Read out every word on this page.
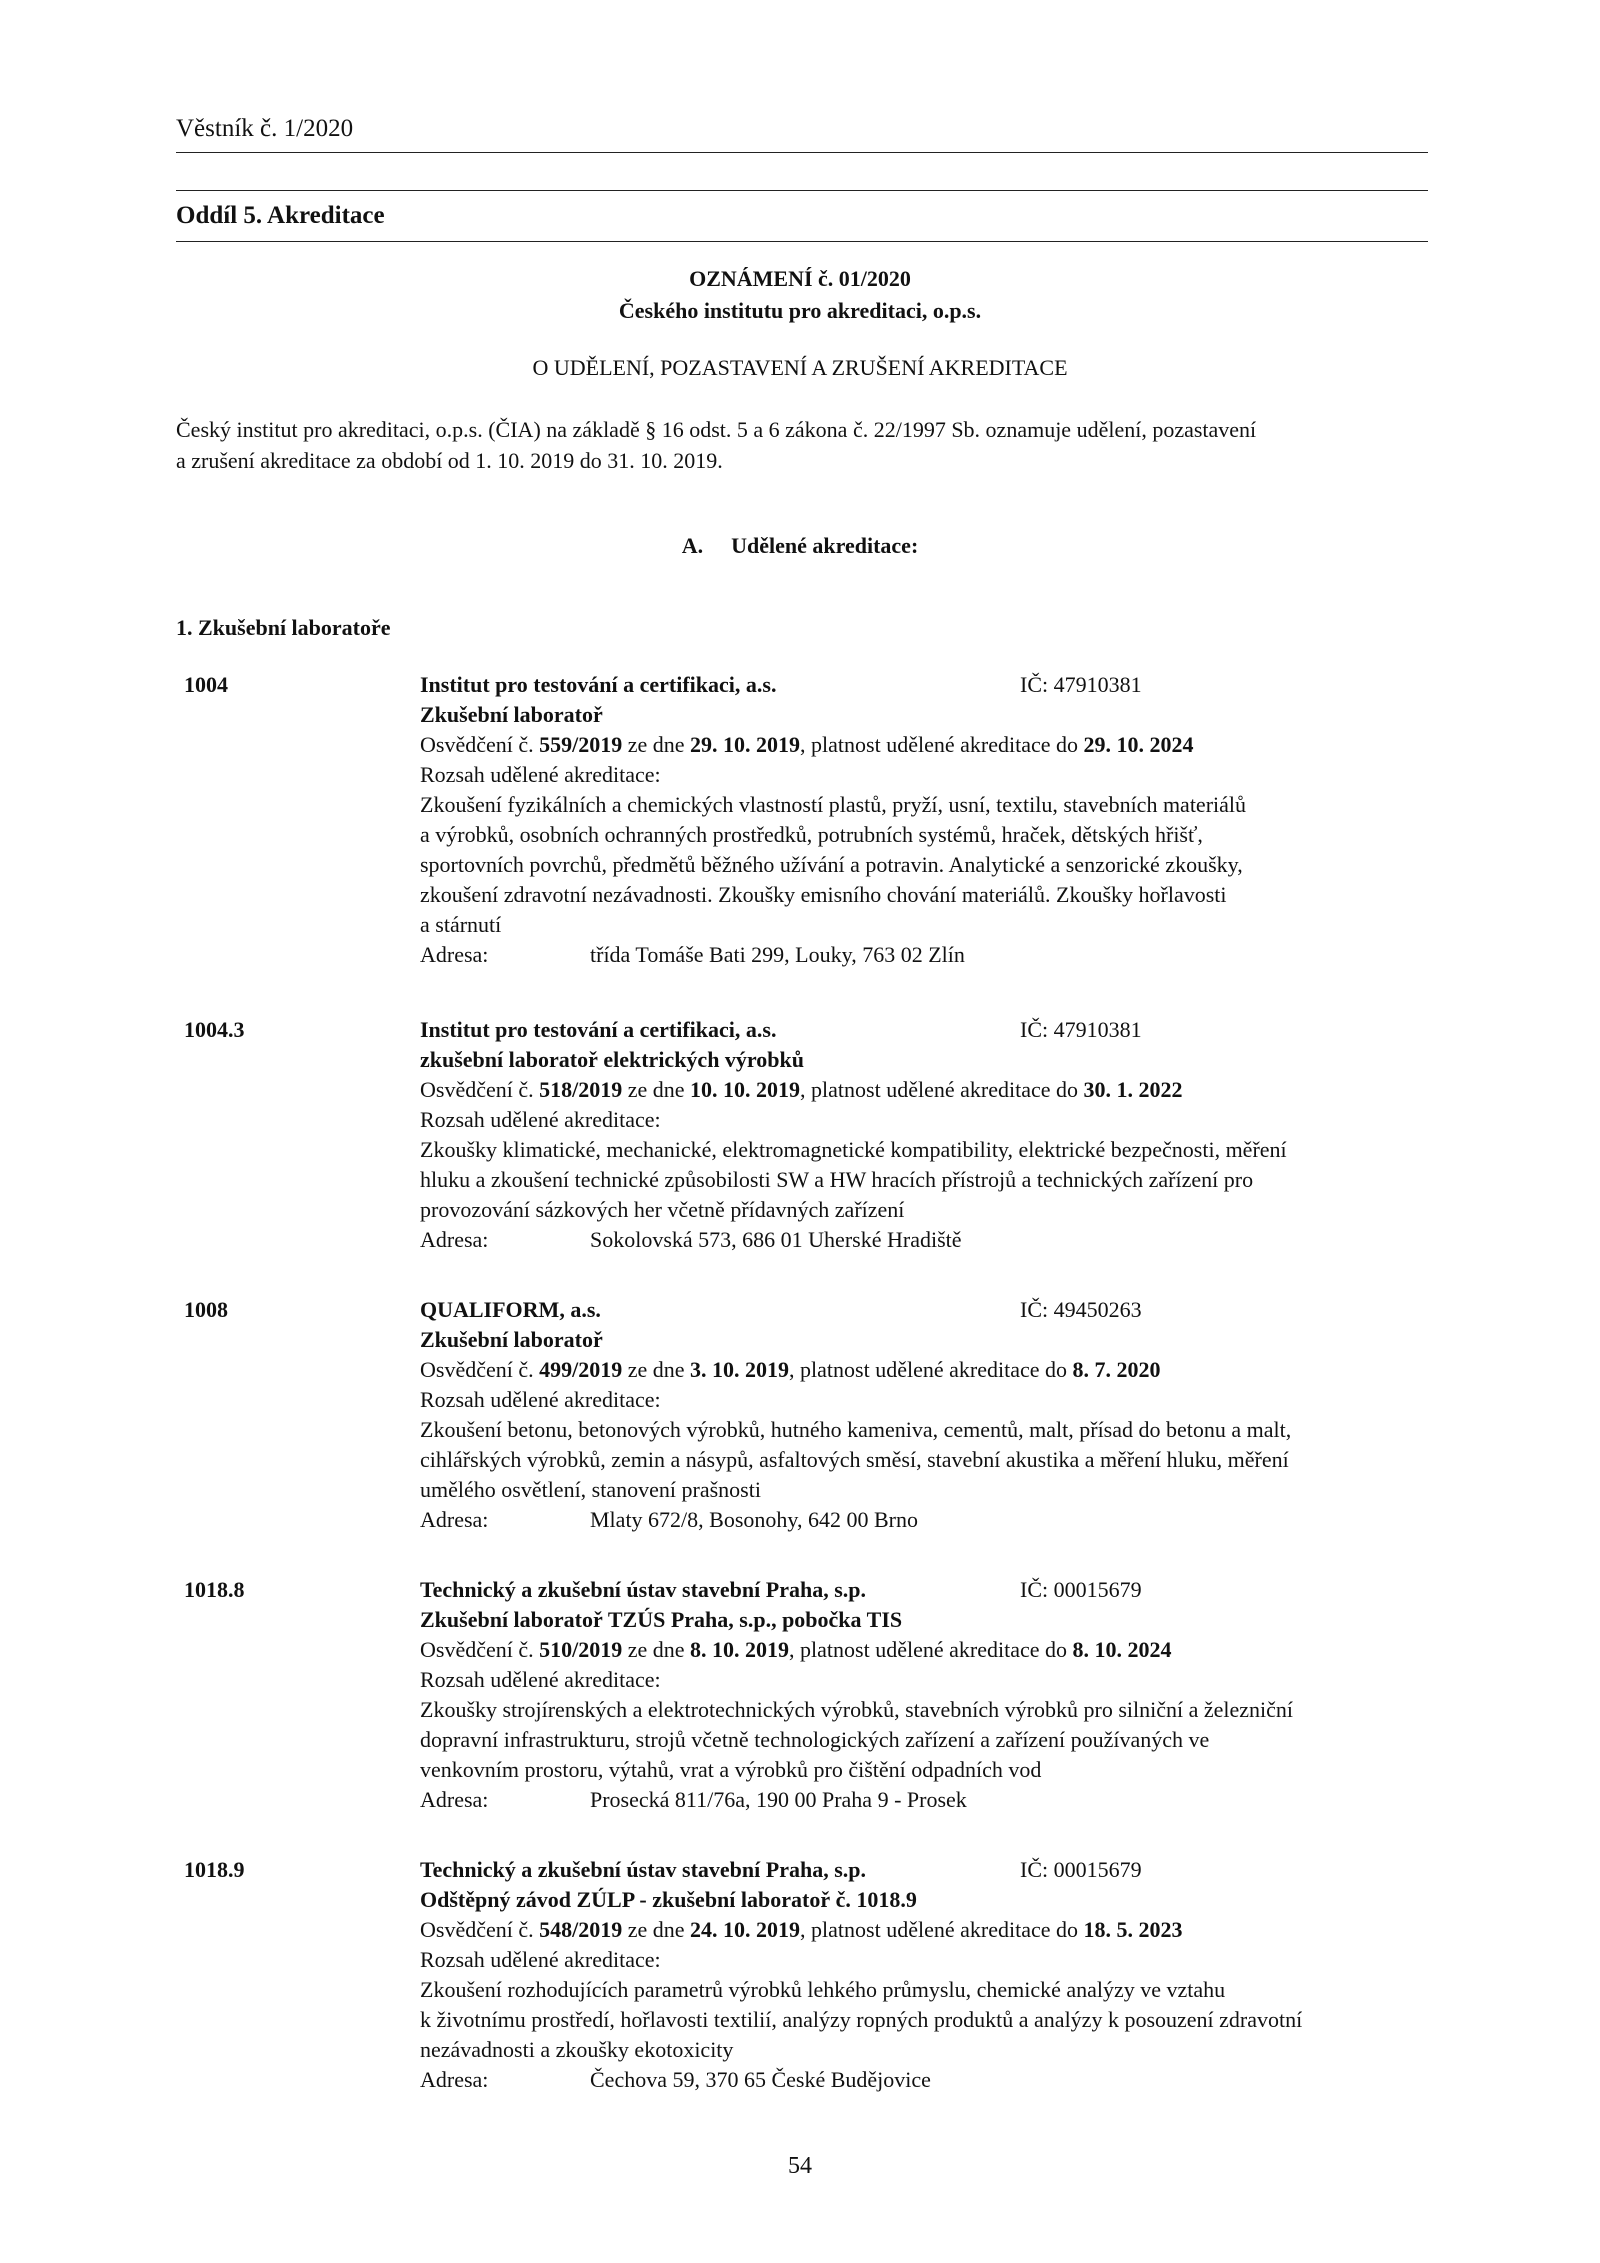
Věstník č. 1/2020
Oddíl 5. Akreditace
OZNÁMENÍ č. 01/2020
Českého institutu pro akreditaci, o.p.s.
O UDĚLENÍ, POZASTAVENÍ A ZRUŠENÍ AKREDITACE
Český institut pro akreditaci, o.p.s. (ČIA) na základě § 16 odst. 5 a 6 zákona č. 22/1997 Sb. oznamuje udělení, pozastavení
a zrušení akreditace za období od 1. 10. 2019 do 31. 10. 2019.
A. Udělené akreditace:
1. Zkušební laboratoře
1004	Institut pro testování a certifikaci, a.s.	IČ: 47910381
Zkušební laboratoř
Osvědčení č. 559/2019 ze dne 29. 10. 2019, platnost udělené akreditace do 29. 10. 2024
Rozsah udělené akreditace:
Zkoušení fyzikálních a chemických vlastností plastů, pryží, usní, textilu, stavebních materiálů
a výrobků, osobních ochranných prostředků, potrubních systémů, hraček, dětských hřišť,
sportovních povrchů, předmětů běžného užívání a potravin. Analytické a senzorické zkoušky,
zkoušení zdravotní nezávadnosti. Zkoušky emisního chování materiálů. Zkoušky hořlavosti
a stárnutí
Adresa:	třída Tomáše Bati 299, Louky, 763 02 Zlín
1004.3	Institut pro testování a certifikaci, a.s.	IČ: 47910381
zkušební laboratoř elektrických výrobků
Osvědčení č. 518/2019 ze dne 10. 10. 2019, platnost udělené akreditace do 30. 1. 2022
Rozsah udělené akreditace:
Zkoušky klimatické, mechanické, elektromagnetické kompatibility, elektrické bezpečnosti, měření
hluku a zkoušení technické způsobilosti SW a HW hracích přístrojů a technických zařízení pro
provozování sázkových her včetně přídavných zařízení
Adresa:	Sokolovská 573, 686 01 Uherské Hradiště
1008	QUALIFORM, a.s.	IČ: 49450263
Zkušební laboratoř
Osvědčení č. 499/2019 ze dne 3. 10. 2019, platnost udělené akreditace do 8. 7. 2020
Rozsah udělené akreditace:
Zkoušení betonu, betonových výrobků, hutného kameniva, cementů, malt, přísad do betonu a malt,
cihlářských výrobků, zemin a násypů, asfaltových směsí, stavební akustika a měření hluku, měření
umělého osvětlení, stanovení prašnosti
Adresa:	Mlaty 672/8, Bosonohy, 642 00 Brno
1018.8	Technický a zkušební ústav stavební Praha, s.p.	IČ: 00015679
Zkušební laboratoř TZÚS Praha, s.p., pobočka TIS
Osvědčení č. 510/2019 ze dne 8. 10. 2019, platnost udělené akreditace do 8. 10. 2024
Rozsah udělené akreditace:
Zkoušky strojírenských a elektrotechnických výrobků, stavebních výrobků pro silniční a železniční
dopravní infrastrukturu, strojů včetně technologických zařízení a zařízení používaných ve
venkovním prostoru, výtahů, vrat a výrobků pro čištění odpadních vod
Adresa:	Prosecká 811/76a, 190 00 Praha 9 - Prosek
1018.9	Technický a zkušební ústav stavební Praha, s.p.	IČ: 00015679
Odštěpný závod ZÚLP - zkušební laboratoř č. 1018.9
Osvědčení č. 548/2019 ze dne 24. 10. 2019, platnost udělené akreditace do 18. 5. 2023
Rozsah udělené akreditace:
Zkoušení rozhodujících parametrů výrobků lehkého průmyslu, chemické analýzy ve vztahu
k životnímu prostředí, hořlavosti textilií, analýzy ropných produktů a analýzy k posouzení zdravotní
nezávadnosti a zkoušky ekotoxicity
Adresa:	Čechova 59, 370 65 České Budějovice
54
